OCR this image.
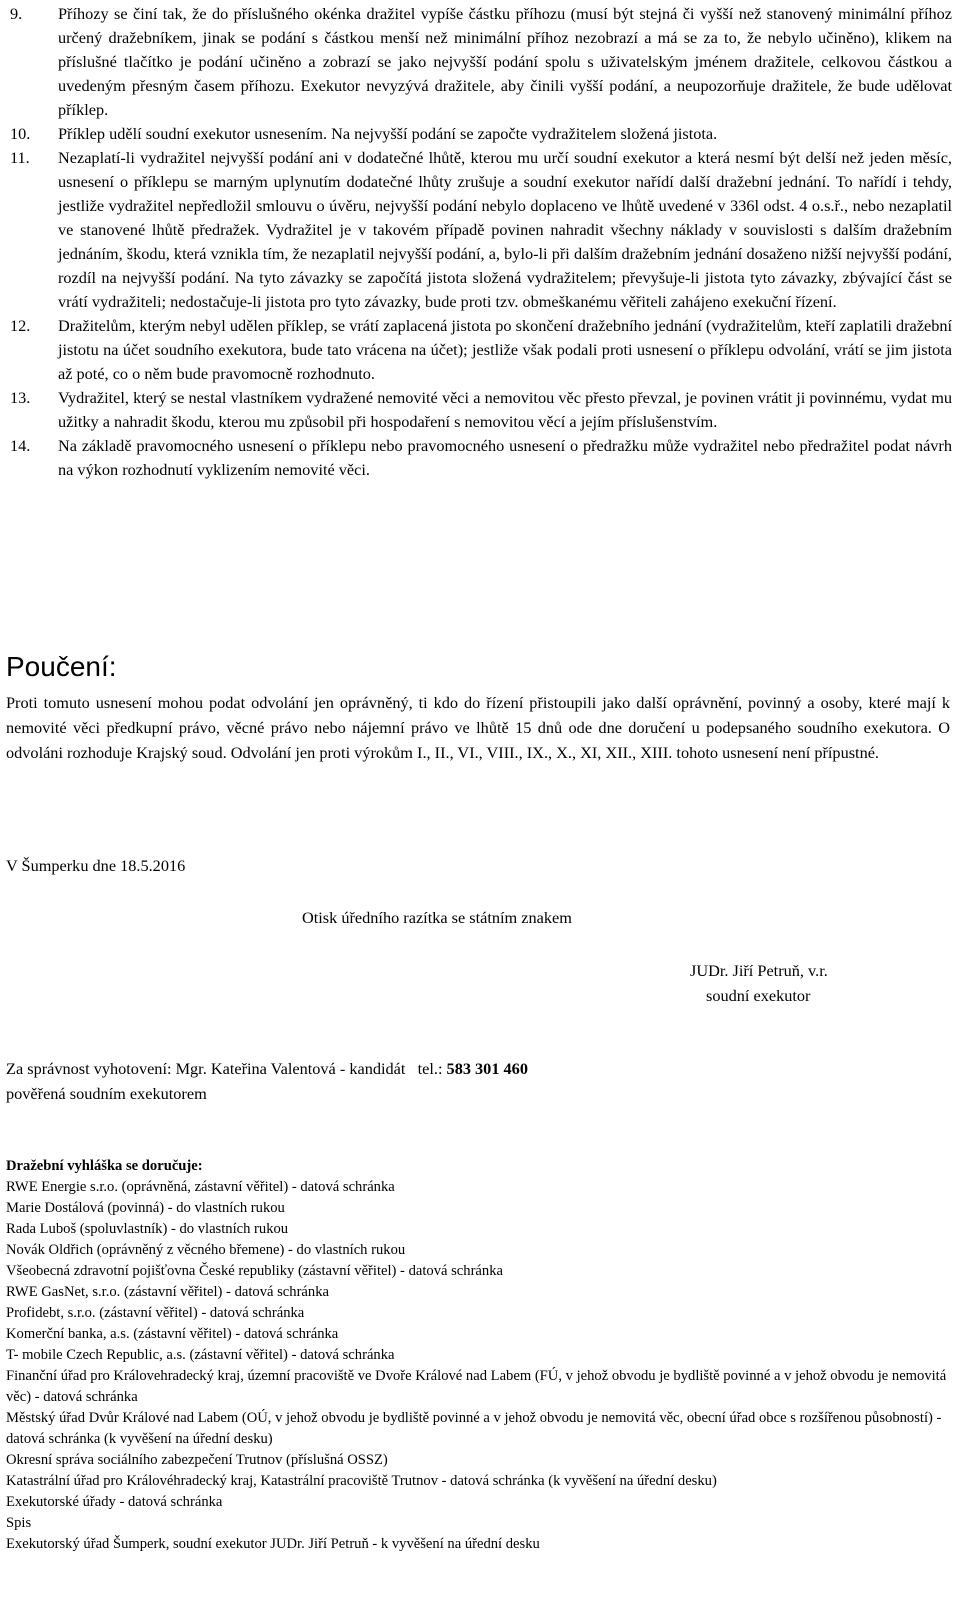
9.	Příhozy se činí tak, že do příslušného okénka dražitel vypíše částku příhozu (musí být stejná či vyšší než stanovený minimální příhoz určený dražebníkem, jinak se podání s částkou menší než minimální příhoz nezobrazí a má se za to, že nebylo učiněno), klikem na příslušné tlačítko je podání učiněno a zobrazí se jako nejvyšší podání spolu s uživatelským jménem dražitele, celkovou částkou a uvedeným přesným časem příhozu. Exekutor nevyzývá dražitele, aby činili vyšší podání, a neupozorňuje dražitele, že bude udělovat příklep.
10.	Příklep udělí soudní exekutor usnesením. Na nejvyšší podání se započte vydražitelem složená jistota.
11.	Nezaplatí-li vydražitel nejvyšší podání ani v dodatečné lhůtě, kterou mu určí soudní exekutor a která nesmí být delší než jeden měsíc, usnesení o příklepu se marným uplynutím dodatečné lhůty zrušuje a soudní exekutor nařídí další dražební jednání. To nařídí i tehdy, jestliže vydražitel nepředložil smlouvu o úvěru, nejvyšší podání nebylo doplaceno ve lhůtě uvedené v 336l odst. 4 o.s.ř., nebo nezaplatil ve stanovené lhůtě předražek. Vydražitel je v takovém případě povinen nahradit všechny náklady v souvislosti s dalším dražebním jednáním, škodu, která vznikla tím, že nezaplatil nejvyšší podání, a, bylo-li při dalším dražebním jednání dosaženo nižší nejvyšší podání, rozdíl na nejvyšší podání. Na tyto závazky se započítá jistota složená vydražitelem; převyšuje-li jistota tyto závazky, zbývající část se vrátí vydražiteli; nedostačuje-li jistota pro tyto závazky, bude proti tzv. obmeškanému věřiteli zahájeno exekuční řízení.
12.	Dražitelům, kterým nebyl udělen příklep, se vrátí zaplacená jistota po skončení dražebního jednání (vydražitelům, kteří zaplatili dražební jistotu na účet soudního exekutora, bude tato vrácena na účet); jestliže však podali proti usnesení o příklepu odvolání, vrátí se jim jistota až poté, co o něm bude pravomocně rozhodnuto.
13.	Vydražitel, který se nestal vlastníkem vydražené nemovité věci a nemovitou věc přesto převzal, je povinen vrátit ji povinnému, vydat mu užitky a nahradit škodu, kterou mu způsobil při hospodaření s nemovitou věcí a jejím příslušenstvím.
14.	Na základě pravomocného usnesení o příklepu nebo pravomocného usnesení o předražku může vydražitel nebo předražitel podat návrh na výkon rozhodnutí vyklizením nemovité věci.
Poučení:
Proti tomuto usnesení mohou podat odvolání jen oprávněný, ti kdo do řízení přistoupili jako další oprávnění, povinný a osoby, které mají k nemovité věci předkupní právo, věcné právo nebo nájemní právo ve lhůtě 15 dnů ode dne doručení u podepsaného soudního exekutora. O odvoláni rozhoduje Krajský soud. Odvolání jen proti výrokům I., II., VI., VIII., IX., X., XI, XII., XIII. tohoto usnesení není přípustné.
V Šumperku dne 18.5.2016
Otisk úředního razítka se státním znakem
JUDr. Jiří Petruň, v.r.
soudní exekutor
Za správnost vyhotovení: Mgr. Kateřina Valentová - kandidát   tel.: 583 301 460
pověřená soudním exekutorem
Dražební vyhláška se doručuje:
RWE Energie s.r.o. (oprávněná, zástavní věřitel) - datová schránka
Marie Dostálová (povinná) - do vlastních rukou
Rada Luboš (spoluvlastník) - do vlastních rukou
Novák Oldřich (oprávněný z věcného břemene) - do vlastních rukou
Všeobecná zdravotní pojišťovna České republiky (zástavní věřitel) - datová schránka
RWE GasNet, s.r.o. (zástavní věřitel) - datová schránka
Profidebt, s.r.o. (zástavní věřitel) - datová schránka
Komerční banka, a.s. (zástavní věřitel) - datová schránka
T- mobile Czech Republic, a.s. (zástavní věřitel) - datová schránka
Finanční úřad pro Královehradecký kraj, územní pracoviště ve Dvoře Králové nad Labem (FÚ, v jehož obvodu je bydliště povinné a v jehož obvodu je nemovitá věc) - datová schránka
Městský úřad Dvůr Králové nad Labem (OÚ, v jehož obvodu je bydliště povinné a v jehož obvodu je nemovitá věc, obecní úřad obce s rozšířenou působností) - datová schránka (k vyvěšení na úřední desku)
Okresní správa sociálního zabezpečení Trutnov (příslušná OSSZ)
Katastrální úřad pro Královéhradecký kraj, Katastrální pracoviště Trutnov - datová schránka (k vyvěšení na úřední desku)
Exekutorské úřady - datová schránka
Spis
Exekutorský úřad Šumperk, soudní exekutor JUDr. Jiří Petruň - k vyvěšení na úřední desku
